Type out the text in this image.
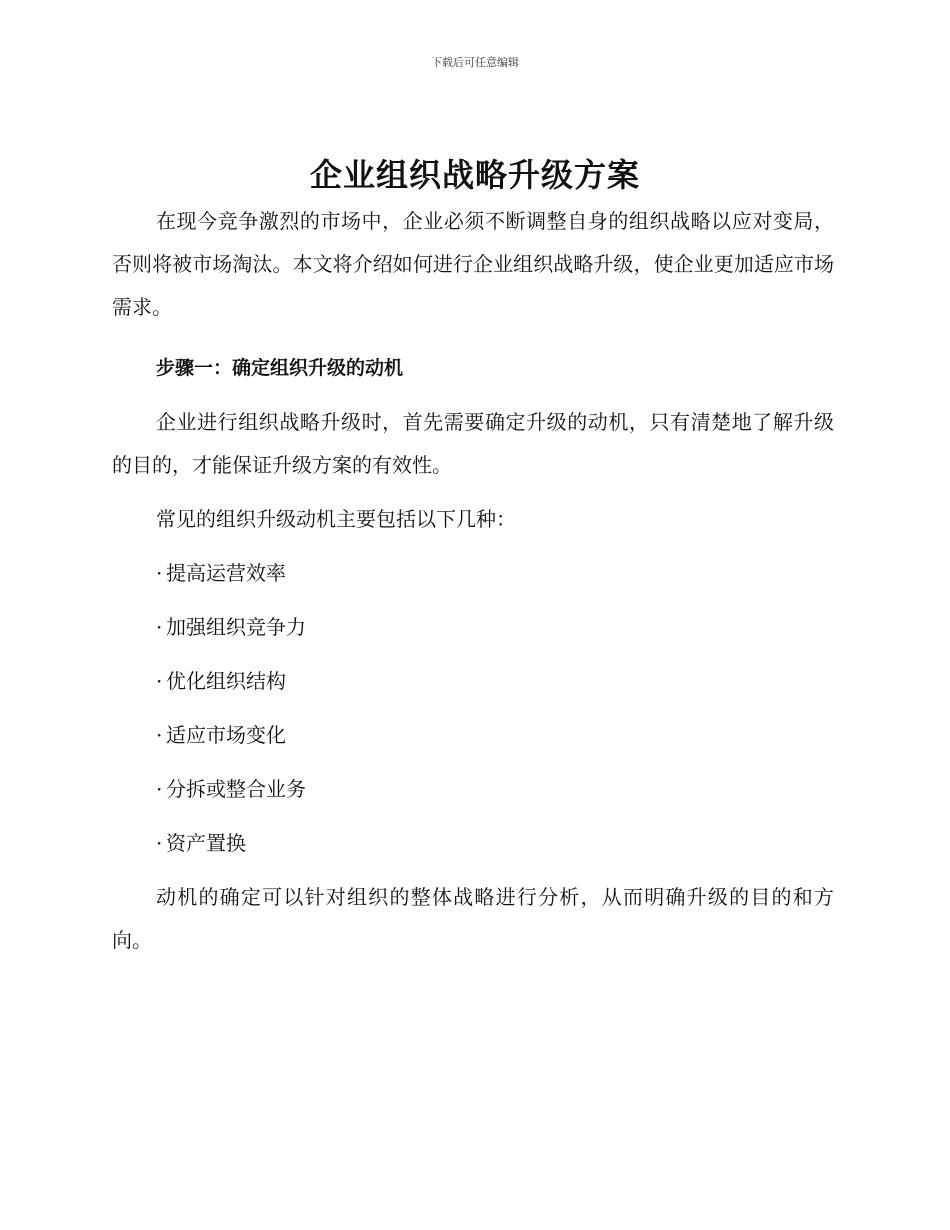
下载后可任意编辑
企业组织战略升级方案

在现今竞争激烈的市场中，企业必须不断调整自身的组织战略以应对变局，否则将被市场淘汰。本文将介绍如何进行企业组织战略升级，使企业更加适应市场需求。

步骤一：确定组织升级的动机

企业进行组织战略升级时，首先需要确定升级的动机，只有清楚地了解升级的目的，才能保证升级方案的有效性。

常见的组织升级动机主要包括以下几种：

· 提高运营效率
· 加强组织竞争力
· 优化组织结构
· 适应市场变化
· 分拆或整合业务
· 资产置换

动机的确定可以针对组织的整体战略进行分析，从而明确升级的目的和方向。
